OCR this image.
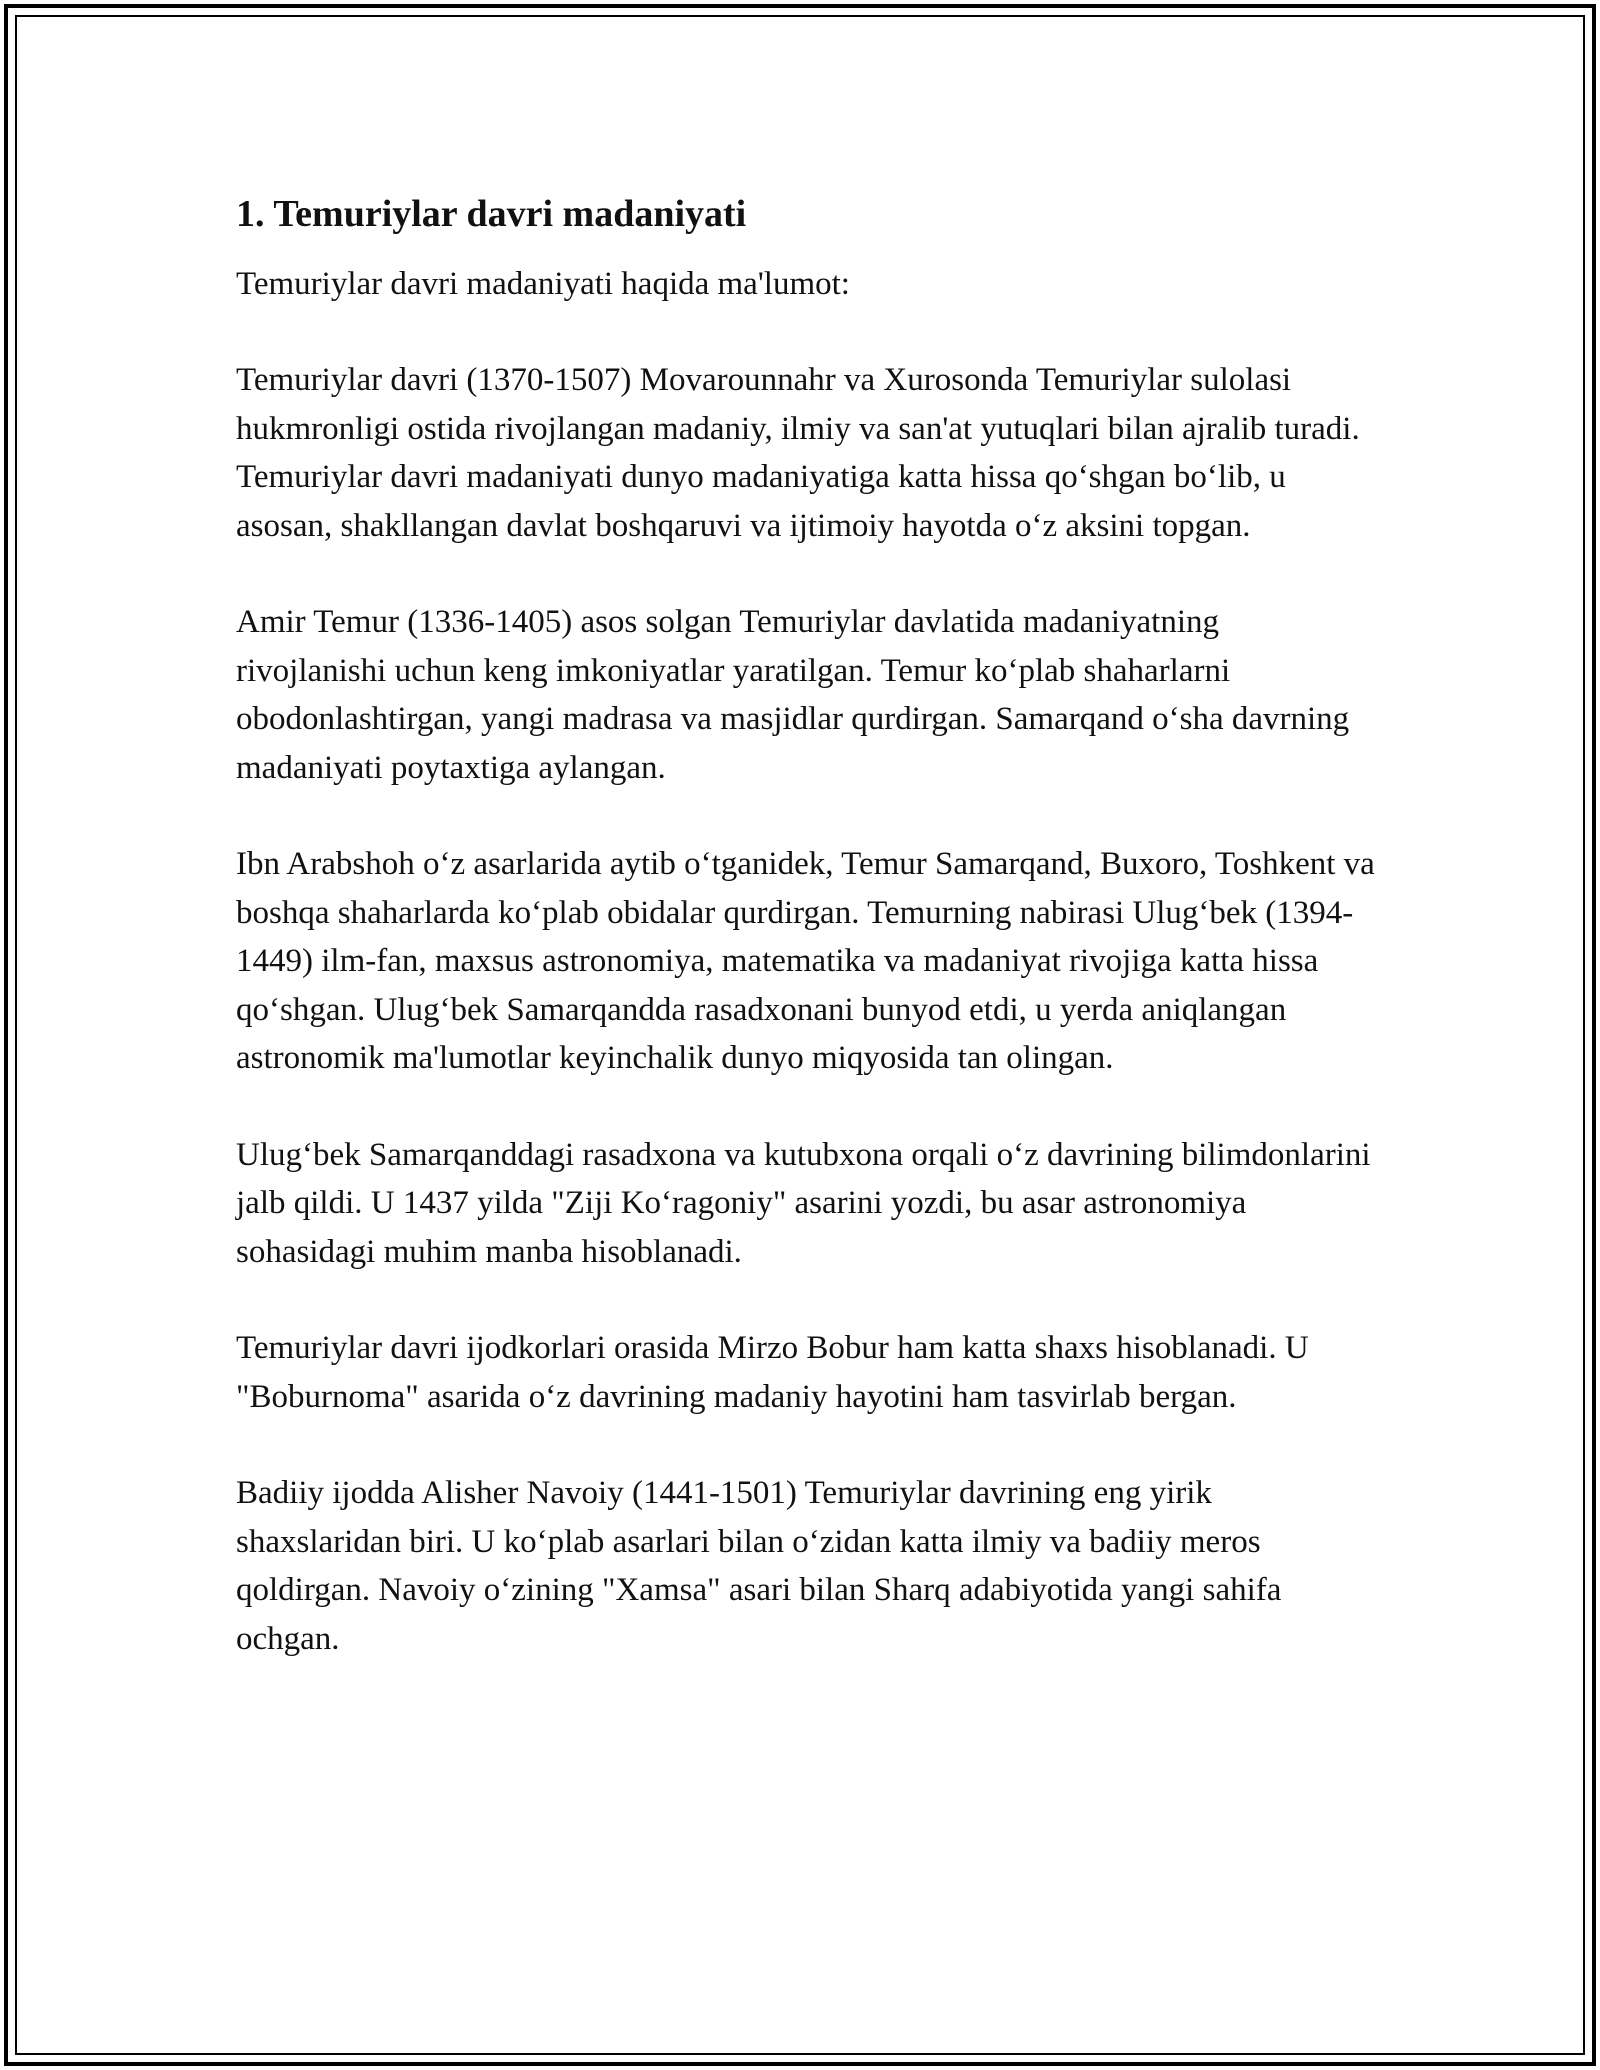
1. Temuriylar davri madaniyati

Temuriylar davri madaniyati haqida ma'lumot:

Temuriylar davri (1370-1507) Movarounnahr va Xurosonda Temuriylar sulolasi hukmronligi ostida rivojlangan madaniy, ilmiy va san'at yutuqlari bilan ajralib turadi. Temuriylar davri madaniyati dunyo madaniyatiga katta hissa qo‘shgan bo‘lib, u asosan, shakllangan davlat boshqaruvi va ijtimoiy hayotda o‘z aksini topgan.

Amir Temur (1336-1405) asos solgan Temuriylar davlatida madaniyatning rivojlanishi uchun keng imkoniyatlar yaratilgan. Temur ko‘plab shaharlarni obodonlashtirgan, yangi madrasa va masjidlar qurdirgan. Samarqand o‘sha davrning madaniyati poytaxtiga aylangan.

Ibn Arabshoh o‘z asarlarida aytib o‘tganidek, Temur Samarqand, Buxoro, Toshkent va boshqa shaharlarda ko‘plab obidalar qurdirgan. Temurning nabirasi Ulug‘bek (1394-1449) ilm-fan, maxsus astronomiya, matematika va madaniyat rivojiga katta hissa qo‘shgan. Ulug‘bek Samarqandda rasadxonani bunyod etdi, u yerda aniqlangan astronomik ma'lumotlar keyinchalik dunyo miqyosida tan olingan.

Ulug‘bek Samarqanddagi rasadxona va kutubxona orqali o‘z davrining bilimdonlarini jalb qildi. U 1437 yilda "Ziji Ko‘ragoniy" asarini yozdi, bu asar astronomiya sohasidagi muhim manba hisoblanadi.

Temuriylar davri ijodkorlari orasida Mirzo Bobur ham katta shaxs hisoblanadi. U "Boburnoma" asarida o‘z davrining madaniy hayotini ham tasvirlab bergan.

Badiiy ijodda Alisher Navoiy (1441-1501) Temuriylar davrining eng yirik shaxslaridan biri. U ko‘plab asarlari bilan o‘zidan katta ilmiy va badiiy meros qoldirgan. Navoiy o‘zining "Xamsa" asari bilan Sharq adabiyotida yangi sahifa ochgan.
